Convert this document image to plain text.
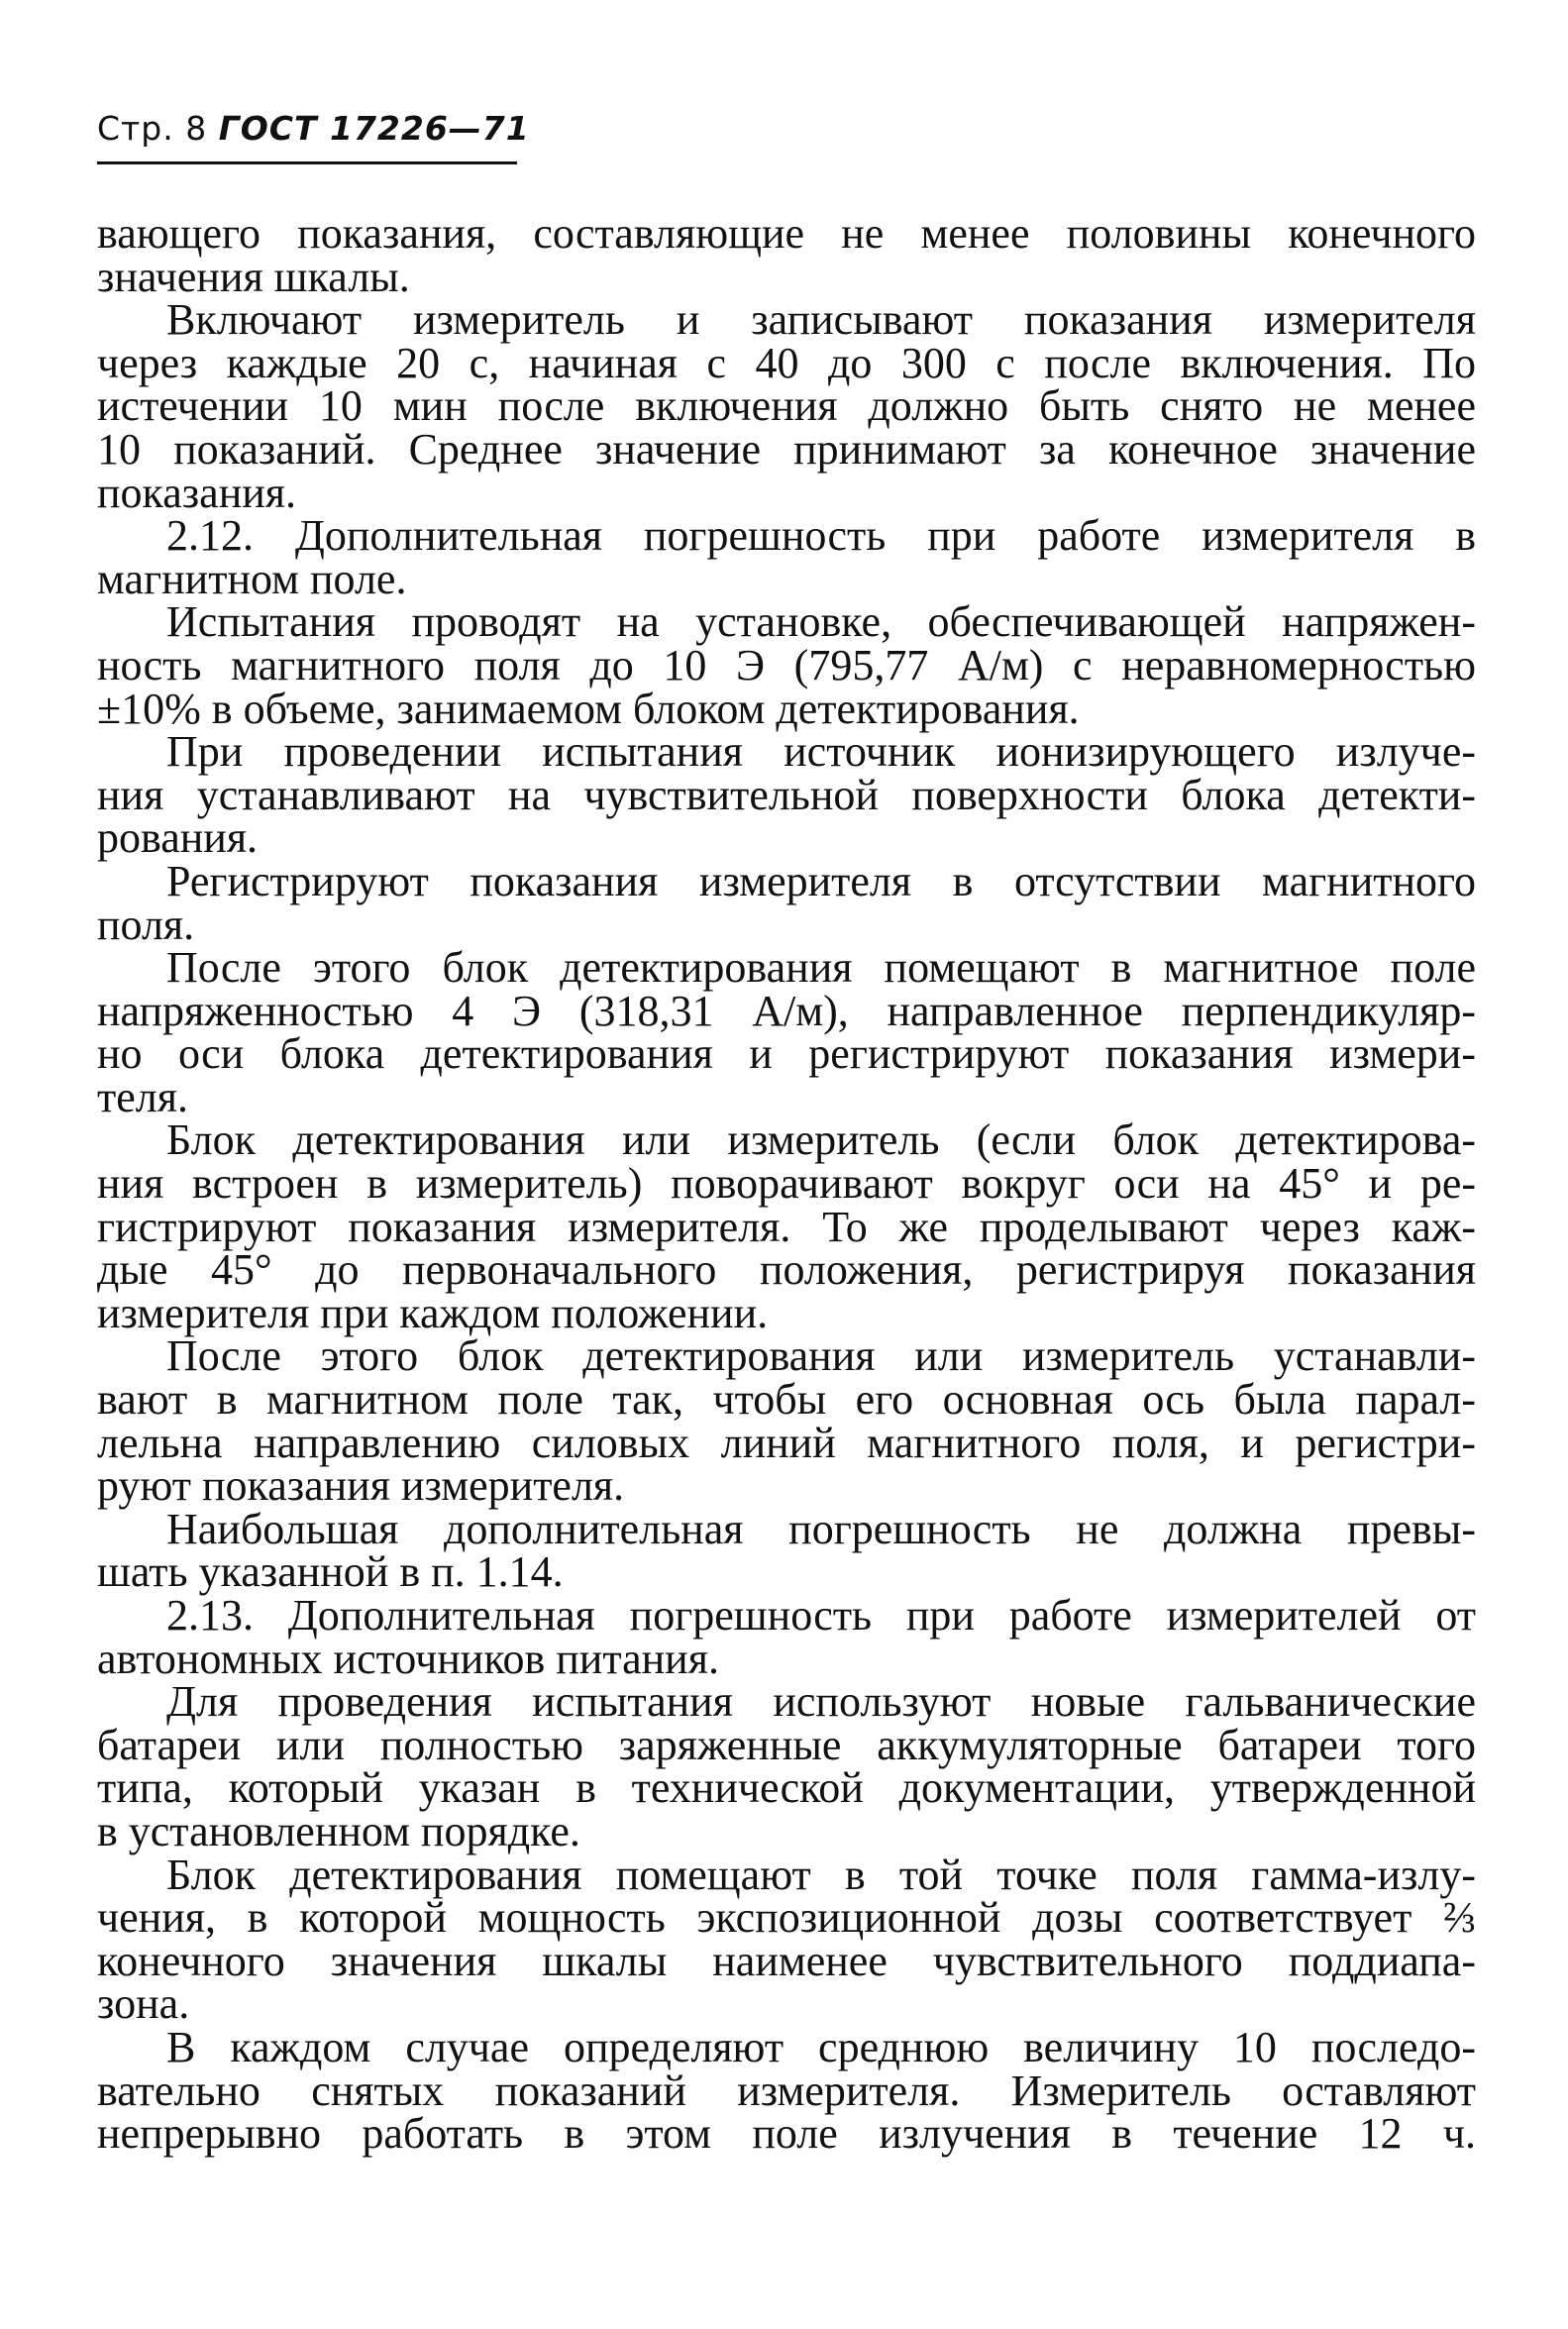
Стр. 8 ГОСТ 17226—71
вающего показания, составляющие не менее половины конечного
значения шкалы.
Включают измеритель и записывают показания измерителя
через каждые 20 с, начиная с 40 до 300 с после включения. По
истечении 10 мин после включения должно быть снято не менее
10 показаний. Среднее значение принимают за конечное значение
показания.
2.12. Дополнительная погрешность при работе измерителя в
магнитном поле.
Испытания проводят на установке, обеспечивающей напряжен-
ность магнитного поля до 10 Э (795,77 А/м) с неравномерностью
±10% в объеме, занимаемом блоком детектирования.
При проведении испытания источник ионизирующего излуче-
ния устанавливают на чувствительной поверхности блока детекти-
рования.
Регистрируют показания измерителя в отсутствии магнитного
поля.
После этого блок детектирования помещают в магнитное поле
напряженностью 4 Э (318,31 А/м), направленное перпендикуляр-
но оси блока детектирования и регистрируют показания измери-
теля.
Блок детектирования или измеритель (если блок детектирова-
ния встроен в измеритель) поворачивают вокруг оси на 45° и ре-
гистрируют показания измерителя. То же проделывают через каж-
дые 45° до первоначального положения, регистрируя показания
измерителя при каждом положении.
После этого блок детектирования или измеритель устанавли-
вают в магнитном поле так, чтобы его основная ось была парал-
лельна направлению силовых линий магнитного поля, и регистри-
руют показания измерителя.
Наибольшая дополнительная погрешность не должна превы-
шать указанной в п. 1.14.
2.13. Дополнительная погрешность при работе измерителей от
автономных источников питания.
Для проведения испытания используют новые гальванические
батареи или полностью заряженные аккумуляторные батареи того
типа, который указан в технической документации, утвержденной
в установленном порядке.
Блок детектирования помещают в той точке поля гамма-излу-
чения, в которой мощность экспозиционной дозы соответствует ⅔
конечного значения шкалы наименее чувствительного поддиапа-
зона.
В каждом случае определяют среднюю величину 10 последо-
вательно снятых показаний измерителя. Измеритель оставляют
непрерывно работать в этом поле излучения в течение 12 ч.
